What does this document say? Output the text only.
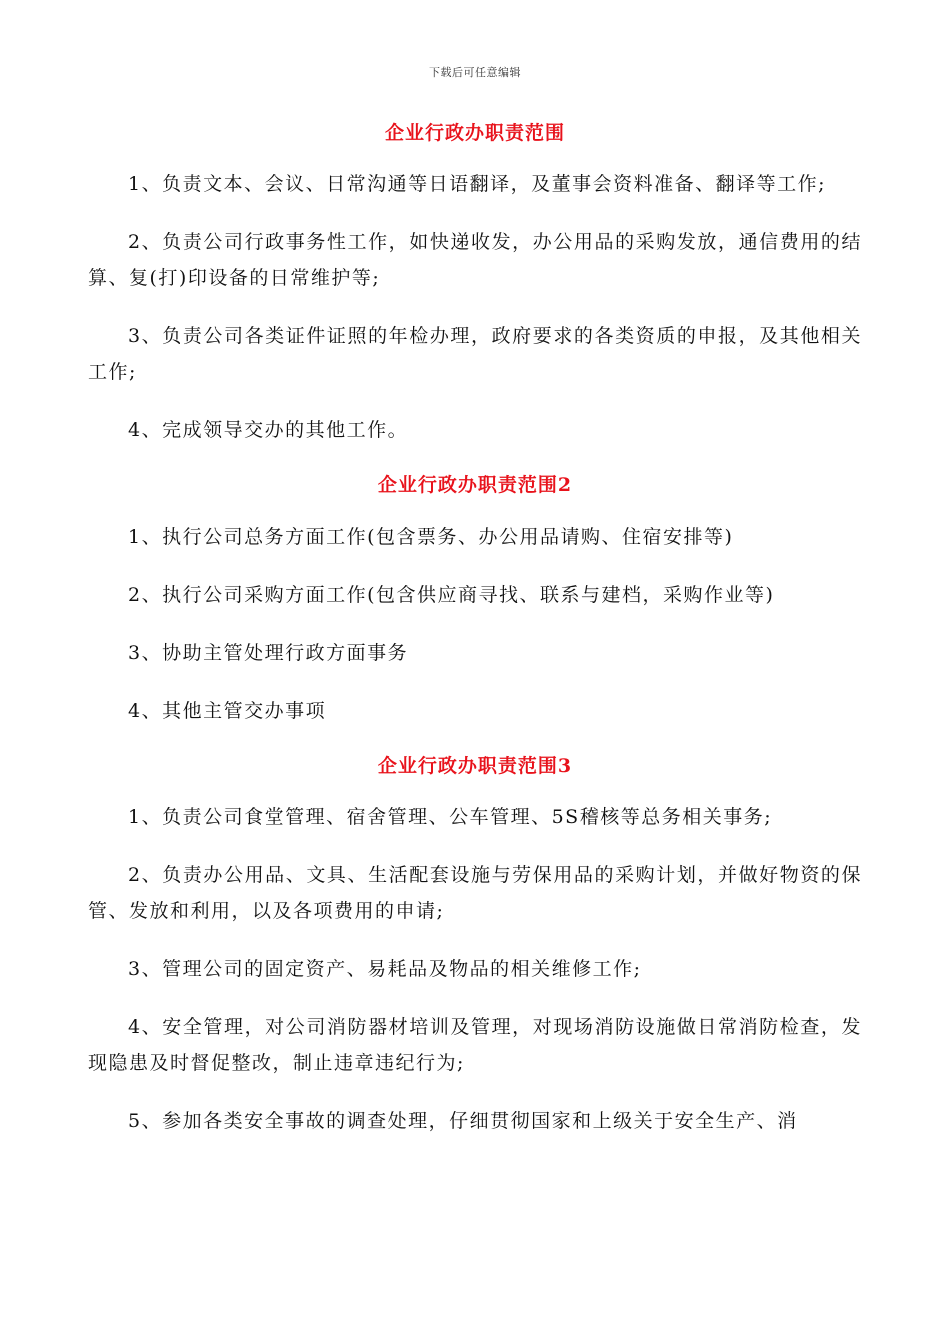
下载后可任意编辑
企业行政办职责范围

1、负责文本、会议、日常沟通等日语翻译，及董事会资料准备、翻译等工作;

2、负责公司行政事务性工作，如快递收发，办公用品的采购发放，通信费用的结算、复(打)印设备的日常维护等;

3、负责公司各类证件证照的年检办理，政府要求的各类资质的申报，及其他相关工作;

4、完成领导交办的其他工作。

企业行政办职责范围2

1、执行公司总务方面工作(包含票务、办公用品请购、住宿安排等)

2、执行公司采购方面工作(包含供应商寻找、联系与建档，采购作业等)

3、协助主管处理行政方面事务

4、其他主管交办事项

企业行政办职责范围3

1、负责公司食堂管理、宿舍管理、公车管理、5S稽核等总务相关事务;

2、负责办公用品、文具、生活配套设施与劳保用品的采购计划，并做好物资的保管、发放和利用，以及各项费用的申请;

3、管理公司的固定资产、易耗品及物品的相关维修工作;

4、安全管理，对公司消防器材培训及管理，对现场消防设施做日常消防检查，发现隐患及时督促整改，制止违章违纪行为;

5、参加各类安全事故的调查处理，仔细贯彻国家和上级关于安全生产、消
